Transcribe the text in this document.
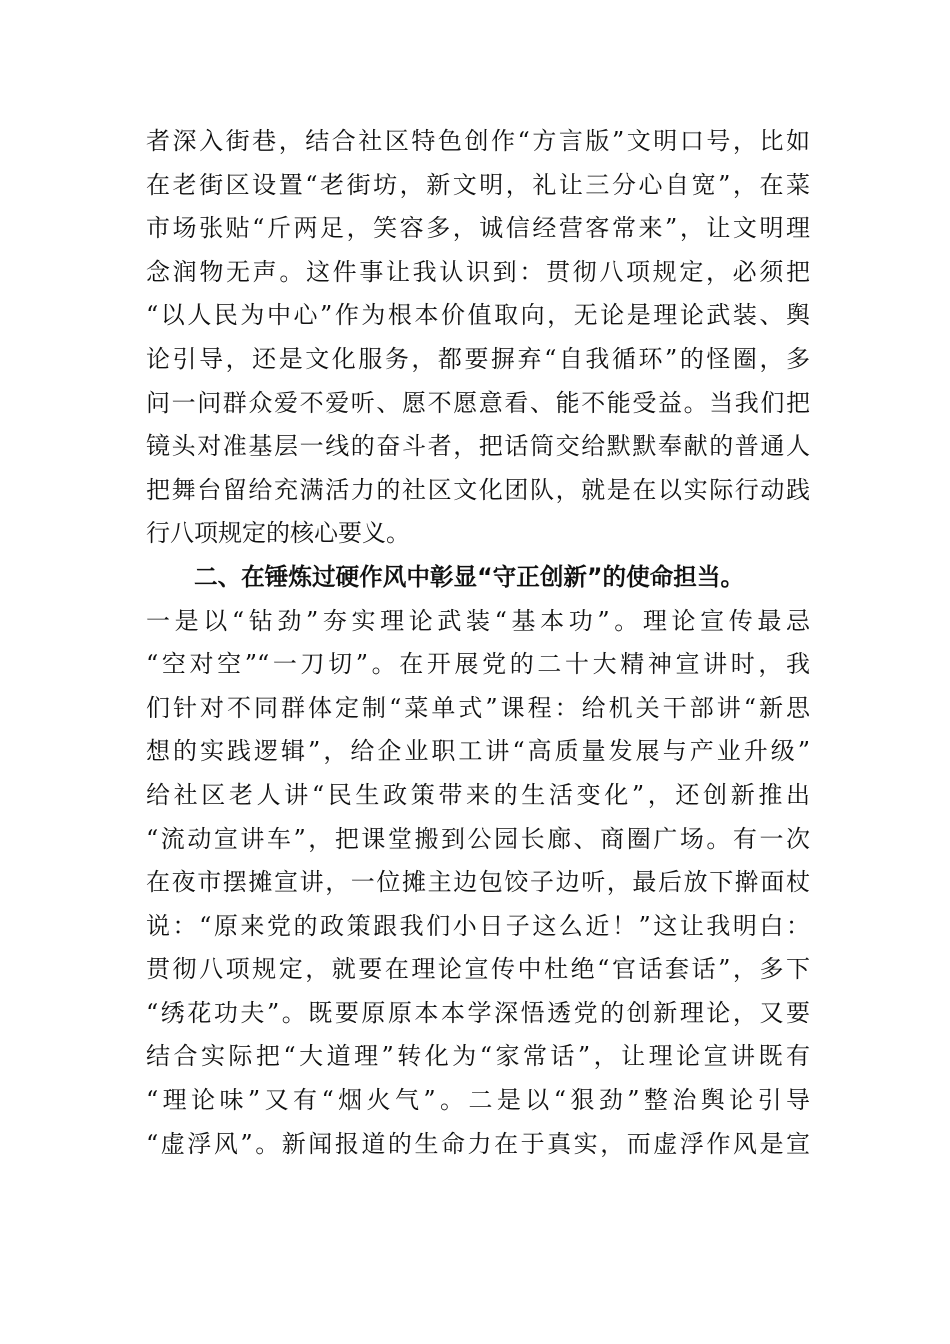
者深入街巷，结合社区特色创作“方言版”文明口号，比如
在老街区设置“老街坊，新文明，礼让三分心自宽”，在菜
市场张贴“斤两足，笑容多，诚信经营客常来”，让文明理
念润物无声。这件事让我认识到：贯彻八项规定，必须把
“以人民为中心”作为根本价值取向，无论是理论武装、舆
论引导，还是文化服务，都要摒弃“自我循环”的怪圈，多
问一问群众爱不爱听、愿不愿意看、能不能受益。当我们把
镜头对准基层一线的奋斗者，把话筒交给默默奉献的普通人
把舞台留给充满活力的社区文化团队，就是在以实际行动践
行八项规定的核心要义。
二、在锤炼过硬作风中彰显“守正创新”的使命担当。
一是以“钻劲”夯实理论武装“基本功”。理论宣传最忌
“空对空”“一刀切”。在开展党的二十大精神宣讲时，我
们针对不同群体定制“菜单式”课程：给机关干部讲“新思
想的实践逻辑”，给企业职工讲“高质量发展与产业升级”
给社区老人讲“民生政策带来的生活变化”，还创新推出
“流动宣讲车”，把课堂搬到公园长廊、商圈广场。有一次
在夜市摆摊宣讲，一位摊主边包饺子边听，最后放下擀面杖
说：“原来党的政策跟我们小日子这么近！”这让我明白：
贯彻八项规定，就要在理论宣传中杜绝“官话套话”，多下
“绣花功夫”。既要原原本本学深悟透党的创新理论，又要
结合实际把“大道理”转化为“家常话”，让理论宣讲既有
“理论味”又有“烟火气”。二是以“狠劲”整治舆论引导
“虚浮风”。新闻报道的生命力在于真实，而虚浮作风是宣
